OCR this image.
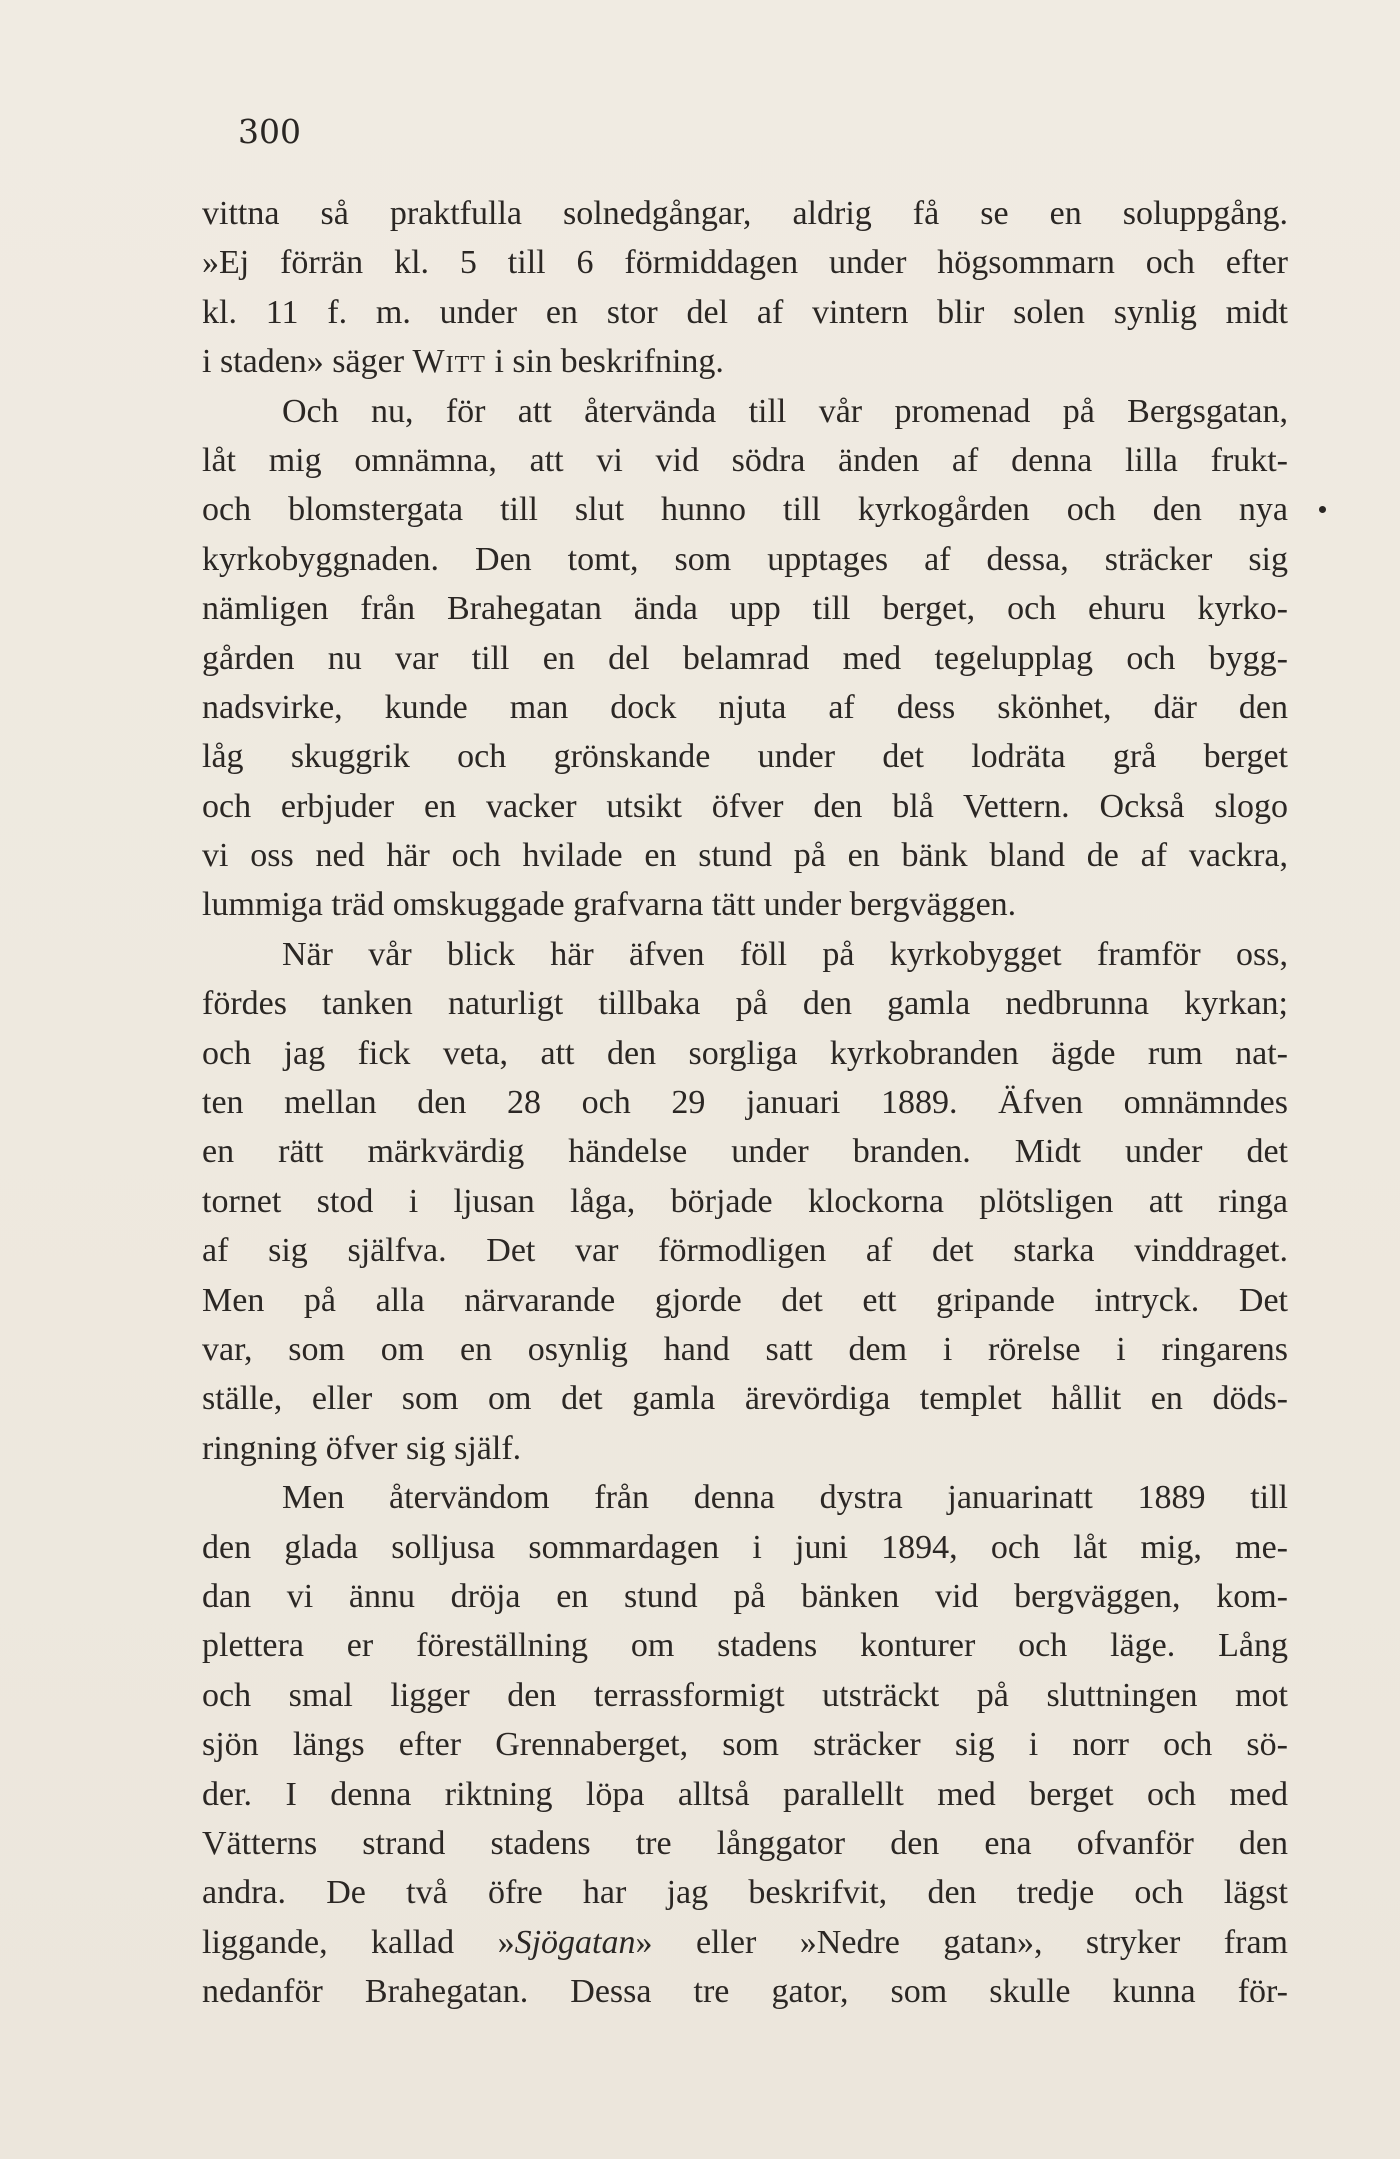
300
vittna så praktfulla solnedgångar, aldrig få se en soluppgång.
»Ej förrän kl. 5 till 6 förmiddagen under högsommarn och efter
kl. 11 f. m. under en stor del af vintern blir solen synlig midt
i staden» säger Witt i sin beskrifning.
Och nu, för att återvända till vår promenad på Bergsgatan,
låt mig omnämna, att vi vid södra änden af denna lilla frukt-
och blomstergata till slut hunno till kyrkogården och den nya
kyrkobyggnaden. Den tomt, som upptages af dessa, sträcker sig
nämligen från Brahegatan ända upp till berget, och ehuru kyrko-
gården nu var till en del belamrad med tegelupplag och bygg-
nadsvirke, kunde man dock njuta af dess skönhet, där den
låg skuggrik och grönskande under det lodräta grå berget
och erbjuder en vacker utsikt öfver den blå Vettern. Också slogo
vi oss ned här och hvilade en stund på en bänk bland de af vackra,
lummiga träd omskuggade grafvarna tätt under bergväggen.
När vår blick här äfven föll på kyrkobygget framför oss,
fördes tanken naturligt tillbaka på den gamla nedbrunna kyrkan;
och jag fick veta, att den sorgliga kyrkobranden ägde rum nat-
ten mellan den 28 och 29 januari 1889. Äfven omnämndes
en rätt märkvärdig händelse under branden. Midt under det
tornet stod i ljusan låga, började klockorna plötsligen att ringa
af sig själfva. Det var förmodligen af det starka vinddraget.
Men på alla närvarande gjorde det ett gripande intryck. Det
var, som om en osynlig hand satt dem i rörelse i ringarens
ställe, eller som om det gamla ärevördiga templet hållit en döds-
ringning öfver sig själf.
Men återvändom från denna dystra januarinatt 1889 till
den glada solljusa sommardagen i juni 1894, och låt mig, me-
dan vi ännu dröja en stund på bänken vid bergväggen, kom-
plettera er föreställning om stadens konturer och läge. Lång
och smal ligger den terrassformigt utsträckt på sluttningen mot
sjön längs efter Grennaberget, som sträcker sig i norr och sö-
der. I denna riktning löpa alltså parallellt med berget och med
Vätterns strand stadens tre långgator den ena ofvanför den
andra. De två öfre har jag beskrifvit, den tredje och lägst
liggande, kallad »Sjögatan» eller »Nedre gatan», stryker fram
nedanför Brahegatan. Dessa tre gator, som skulle kunna för-
